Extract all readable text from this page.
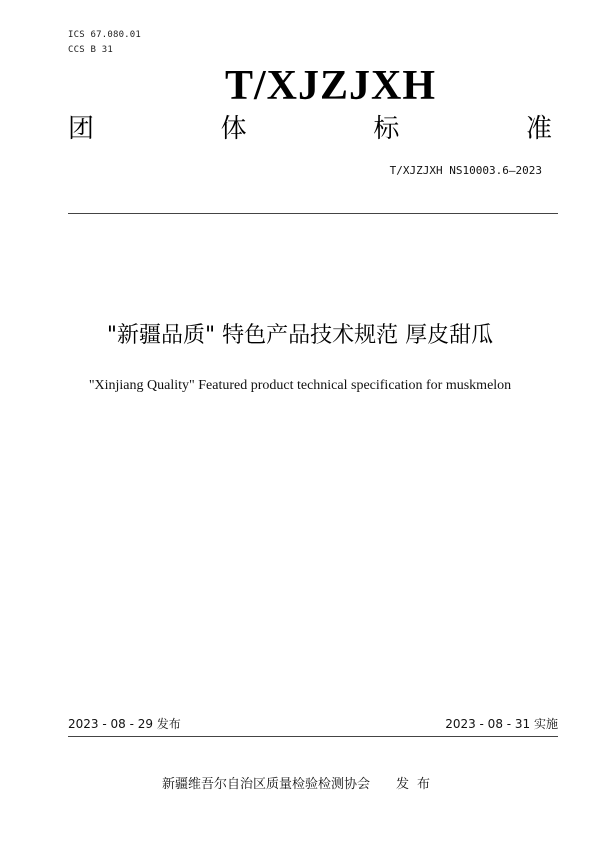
ICS 67.080.01
CCS B 31
T/XJZJXH
团	体	标	准
T/XJZJXH NS10003.6—2023
"新疆品质" 特色产品技术规范 厚皮甜瓜
"Xinjiang Quality" Featured product technical specification for muskmelon
2023 - 08 - 29 发布	2023 - 08 - 31 实施
新疆维吾尔自治区质量检验检测协会 发布
